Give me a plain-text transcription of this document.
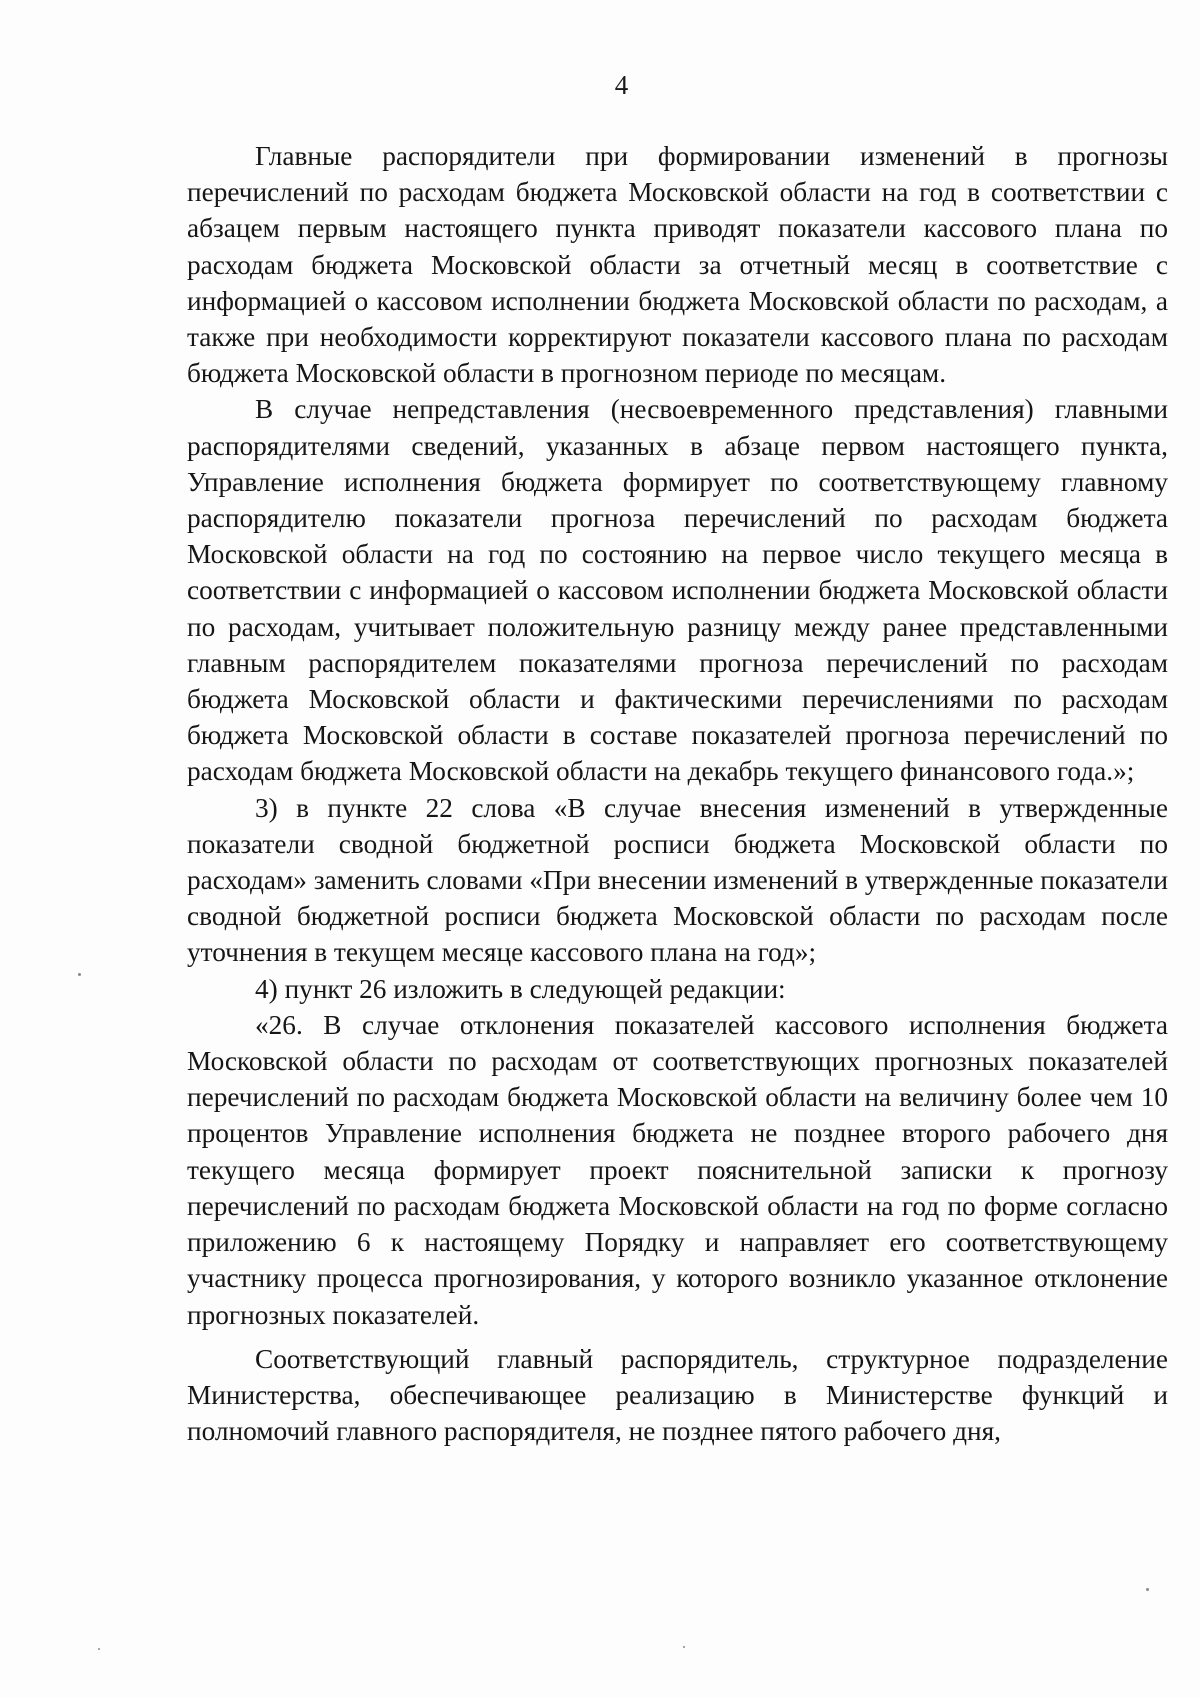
4

Главные распорядители при формировании изменений в прогнозы перечислений по расходам бюджета Московской области на год в соответствии с абзацем первым настоящего пункта приводят показатели кассового плана по расходам бюджета Московской области за отчетный месяц в соответствие с информацией о кассовом исполнении бюджета Московской области по расходам, а также при необходимости корректируют показатели кассового плана по расходам бюджета Московской области в прогнозном периоде по месяцам.

В случае непредставления (несвоевременного представления) главными распорядителями сведений, указанных в абзаце первом настоящего пункта, Управление исполнения бюджета формирует по соответствующему главному распорядителю показатели прогноза перечислений по расходам бюджета Московской области на год по состоянию на первое число текущего месяца в соответствии с информацией о кассовом исполнении бюджета Московской области по расходам, учитывает положительную разницу между ранее представленными главным распорядителем показателями прогноза перечислений по расходам бюджета Московской области и фактическими перечислениями по расходам бюджета Московской области в составе показателей прогноза перечислений по расходам бюджета Московской области на декабрь текущего финансового года.»;

3) в пункте 22 слова «В случае внесения изменений в утвержденные показатели сводной бюджетной росписи бюджета Московской области по расходам» заменить словами «При внесении изменений в утвержденные показатели сводной бюджетной росписи бюджета Московской области по расходам после уточнения в текущем месяце кассового плана на год»;

4) пункт 26 изложить в следующей редакции:

«26. В случае отклонения показателей кассового исполнения бюджета Московской области по расходам от соответствующих прогнозных показателей перечислений по расходам бюджета Московской области на величину более чем 10 процентов Управление исполнения бюджета не позднее второго рабочего дня текущего месяца формирует проект пояснительной записки к прогнозу перечислений по расходам бюджета Московской области на год по форме согласно приложению 6 к настоящему Порядку и направляет его соответствующему участнику процесса прогнозирования, у которого возникло указанное отклонение прогнозных показателей.

Соответствующий главный распорядитель, структурное подразделение Министерства, обеспечивающее реализацию в Министерстве функций и полномочий главного распорядителя, не позднее пятого рабочего дня,
